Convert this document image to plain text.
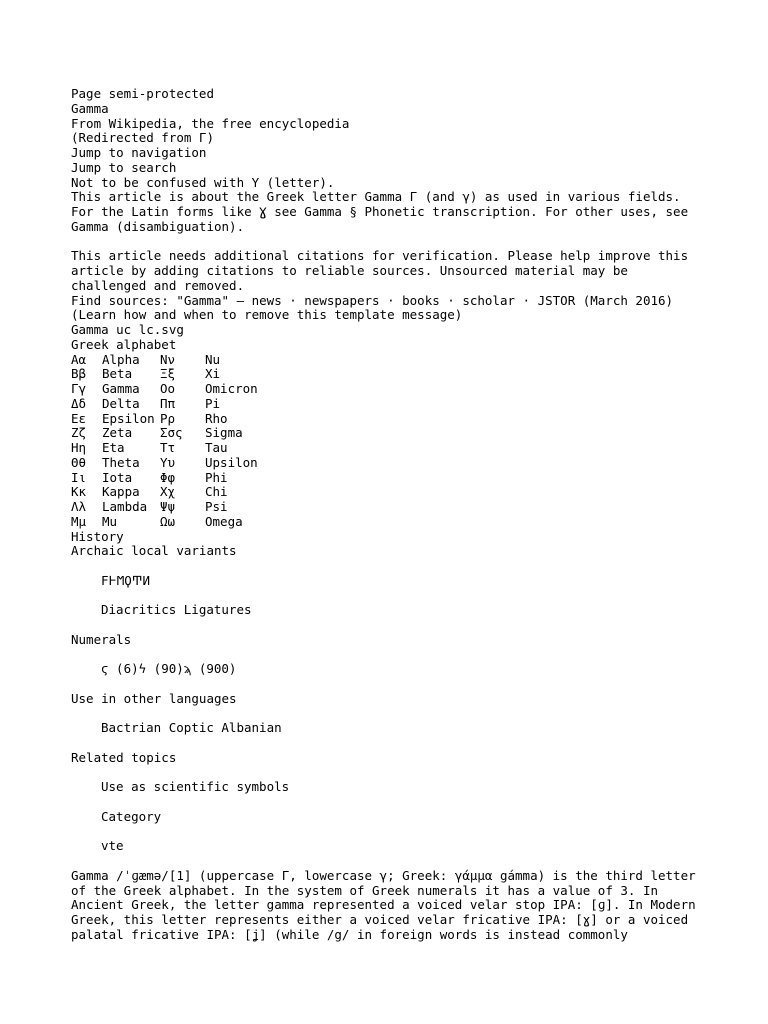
Page semi-protected
Gamma
From Wikipedia, the free encyclopedia
(Redirected from Γ)
Jump to navigation
Jump to search
Not to be confused with Υ (letter).
This article is about the Greek letter Gamma Γ (and γ) as used in various fields.
For the Latin forms like Ɣ see Gamma § Phonetic transcription. For other uses, see
Gamma (disambiguation).
This article needs additional citations for verification. Please help improve this
article by adding citations to reliable sources. Unsourced material may be
challenged and removed.
Find sources: "Gamma" – news · newspapers · books · scholar · JSTOR (March 2016)
(Learn how and when to remove this template message)
Gamma uc lc.svg
Greek alphabet
Αα	Alpha	Νν	Nu
Ββ	Beta	Ξξ	Xi
Γγ	Gamma	Οο	Omicron
Δδ	Delta	Ππ	Pi
Εε	Epsilon	Ρρ	Rho
Ζζ	Zeta	Σσς	Sigma
Ηη	Eta	Ττ	Tau
Θθ	Theta	Υυ	Upsilon
Ιι	Iota	Φφ	Phi
Κκ	Kappa	Χχ	Chi
Λλ	Lambda	Ψψ	Psi
Μμ	Mu	Ωω	Omega
History
Archaic local variants
ϜͰϺϘͲͶ
Diacritics Ligatures
Numerals
ϛ (6)ϟ (90)ϡ (900)
Use in other languages
Bactrian Coptic Albanian
Related topics
Use as scientific symbols
Category
vte
Gamma /ˈɡæmə/[1] (uppercase Γ, lowercase γ; Greek: γάμμα gámma) is the third letter
of the Greek alphabet. In the system of Greek numerals it has a value of 3. In
Ancient Greek, the letter gamma represented a voiced velar stop IPA: [ɡ]. In Modern
Greek, this letter represents either a voiced velar fricative IPA: [ɣ] or a voiced
palatal fricative IPA: [ʝ] (while /g/ in foreign words is instead commonly
